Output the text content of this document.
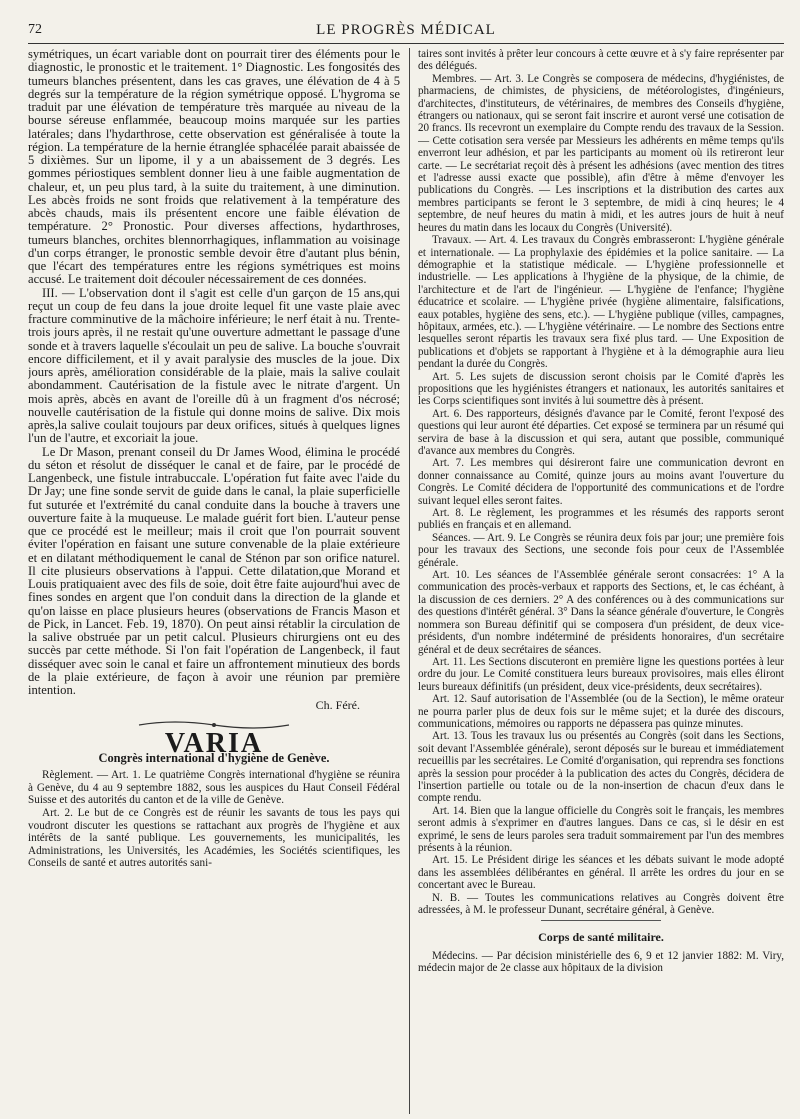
72	LE PROGRÈS MÉDICAL

symétriques, un écart variable dont on pourrait tirer des éléments pour le diagnostic, le pronostic et le traitement. 1° Diagnostic. Les fongosités des tumeurs blanches présentent, dans les cas graves, une élévation de 4 à 5 degrés sur la température de la région symétrique opposé. L'hygroma se traduit par une élévation de température très marquée au niveau de la bourse séreuse enflammée, beaucoup moins marquée sur les parties latérales; dans l'hydarthrose, cette observation est généralisée à toute la région. La température de la hernie étranglée sphacélée parait abaissée de 5 dixièmes. Sur un lipome, il y a un abaissement de 3 degrés. Les gommes périostiques semblent donner lieu à une faible augmentation de chaleur, et, un peu plus tard, à la suite du traitement, à une diminution. Les abcès froids ne sont froids que relativement à la température des abcès chauds, mais ils présentent encore une faible élévation de température. 2° Pronostic. Pour diverses affections, hydarthroses, tumeurs blanches, orchites blennorrhagiques, inflammation au voisinage d'un corps étranger, le pronostic semble devoir être d'autant plus bénin, que l'écart des températures entre les régions symétriques est moins accusé. Le traitement doit découler nécessairement de ces données.

III. — L'observation dont il s'agit est celle d'un garçon de 15 ans,qui reçut un coup de feu dans la joue droite lequel fit une vaste plaie avec fracture comminutive de la mâchoire inférieure; le nerf était à nu. Trente-trois jours après, il ne restait qu'une ouverture admettant le passage d'une sonde et à travers laquelle s'écoulait un peu de salive. La bouche s'ouvrait encore difficilement, et il y avait paralysie des muscles de la joue. Dix jours après, amélioration considérable de la plaie, mais la salive coulait abondamment. Cautérisation de la fistule avec le nitrate d'argent. Un mois après, abcès en avant de l'oreille dû à un fragment d'os nécrosé; nouvelle cautérisation de la fistule qui donne moins de salive. Dix mois après,la salive coulait toujours par deux orifices, situés à quelques lignes l'un de l'autre, et excoriait la joue.

Le Dr Mason, prenant conseil du Dr James Wood, élimina le procédé du séton et résolut de disséquer le canal et de faire, par le procédé de Langenbeck, une fistule intrabuccale. L'opération fut faite avec l'aide du Dr Jay; une fine sonde servit de guide dans le canal, la plaie superficielle fut suturée et l'extrémité du canal conduite dans la bouche à travers une ouverture faite à la muqueuse. Le malade guérit fort bien. L'auteur pense que ce procédé est le meilleur; mais il croit que l'on pourrait souvent éviter l'opération en faisant une suture convenable de la plaie extérieure et en dilatant méthodiquement le canal de Sténon par son orifice naturel. Il cite plusieurs observations à l'appui. Cette dilatation,que Morand et Louis pratiquaient avec des fils de soie, doit être faite aujourd'hui avec de fines sondes en argent que l'on conduit dans la direction de la glande et qu'on laisse en place plusieurs heures (observations de Francis Mason et de Pick, in Lancet. Feb. 19, 1870). On peut ainsi rétablir la circulation de la salive obstruée par un petit calcul. Plusieurs chirurgiens ont eu des succès par cette méthode. Si l'on fait l'opération de Langenbeck, il faut disséquer avec soin le canal et faire un affrontement minutieux des bords de la plaie extérieure, de façon à avoir une réunion par première intention.

Ch. Féré.
VARIA
Congrès international d'hygiène de Genève.

Règlement. — Art. 1. Le quatrième Congrès international d'hygiène se réunira à Genève, du 4 au 9 septembre 1882, sous les auspices du Haut Conseil Fédéral Suisse et des autorités du canton et de la ville de Genève.

Art. 2. Le but de ce Congrès est de réunir les savants de tous les pays qui voudront discuter les questions se rattachant aux progrès de l'hygiène et aux intérêts de la santé publique. Les gouvernements, les municipalités, les Administrations, les Universités, les Académies, les Sociétés scientifiques, les Conseils de santé et autres autorités sani-

taires sont invités à prêter leur concours à cette œuvre et à s'y faire représenter par des délégués.

Membres. — Art. 3. Le Congrès se composera de médecins, d'hygiénistes, de pharmaciens, de chimistes, de physiciens, de météorologistes, d'ingénieurs, d'architectes, d'instituteurs, de vétérinaires, de membres des Conseils d'hygiène, étrangers ou nationaux, qui se seront fait inscrire et auront versé une cotisation de 20 francs. Ils recevront un exemplaire du Compte rendu des travaux de la Session. — Cette cotisation sera versée par Messieurs les adhérents en même temps qu'ils enverront leur adhésion, et par les participants au moment où ils retireront leur carte. — Le secrétariat reçoit dès à présent les adhésions (avec mention des titres et l'adresse aussi exacte que possible), afin d'être à même d'envoyer les publications du Congrès. — Les inscriptions et la distribution des cartes aux membres participants se feront le 3 septembre, de midi à cinq heures; le 4 septembre, de neuf heures du matin à midi, et les autres jours de huit à neuf heures du matin dans les locaux du Congrès (Université).

Travaux. — Art. 4. Les travaux du Congrès embrasseront: L'hygiène générale et internationale. — La prophylaxie des épidémies et la police sanitaire. — La démographie et la statistique médicale. — L'hygiène professionnelle et industrielle. — Les applications à l'hygiène de la physique, de la chimie, de l'architecture et de l'art de l'ingénieur. — L'hygiène de l'enfance; l'hygiène éducatrice et scolaire. — L'hygiène privée (hygiène alimentaire, falsifications, eaux potables, hygiène des sens, etc.). — L'hygiène publique (villes, campagnes, hôpitaux, armées, etc.). — L'hygiène vétérinaire. — Le nombre des Sections entre lesquelles seront répartis les travaux sera fixé plus tard. — Une Exposition de publications et d'objets se rapportant à l'hygiène et à la démographie aura lieu pendant la durée du Congrès.

Art. 5. Les sujets de discussion seront choisis par le Comité d'après les propositions que les hygiénistes étrangers et nationaux, les autorités sanitaires et les Corps scientifiques sont invités à lui soumettre dès à présent.

Art. 6. Des rapporteurs, désignés d'avance par le Comité, feront l'exposé des questions qui leur auront été départies. Cet exposé se terminera par un résumé qui servira de base à la discussion et qui sera, autant que possible, communiqué d'avance aux membres du Congrès.

Art. 7. Les membres qui désireront faire une communication devront en donner connaissance au Comité, quinze jours au moins avant l'ouverture du Congrès. Le Comité décidera de l'opportunité des communications et de l'ordre suivant lequel elles seront faites.

Art. 8. Le règlement, les programmes et les résumés des rapports seront publiés en français et en allemand.

Séances. — Art. 9. Le Congrès se réunira deux fois par jour; une première fois pour les travaux des Sections, une seconde fois pour ceux de l'Assemblée générale.

Art. 10. Les séances de l'Assemblée générale seront consacrées: 1° A la communication des procès-verbaux et rapports des Sections, et, le cas échéant, à la discussion de ces derniers. 2° A des conférences ou à des communications sur des questions d'intérêt général. 3° Dans la séance générale d'ouverture, le Congrès nommera son Bureau définitif qui se composera d'un président, de deux vice-présidents, d'un nombre indéterminé de présidents honoraires, d'un secrétaire général et de deux secrétaires de séances.

Art. 11. Les Sections discuteront en première ligne les questions portées à leur ordre du jour. Le Comité constituera leurs bureaux provisoires, mais elles éliront leurs bureaux définitifs (un président, deux vice-présidents, deux secrétaires).

Art. 12. Sauf autorisation de l'Assemblée (ou de la Section), le même orateur ne pourra parler plus de deux fois sur le même sujet; et la durée des discours, communications, mémoires ou rapports ne dépassera pas quinze minutes.

Art. 13. Tous les travaux lus ou présentés au Congrès (soit dans les Sections, soit devant l'Assemblée générale), seront déposés sur le bureau et immédiatement recueillis par les secrétaires. Le Comité d'organisation, qui reprendra ses fonctions après la session pour procéder à la publication des actes du Congrès, décidera de l'insertion partielle ou totale ou de la non-insertion de chacun d'eux dans le compte rendu.

Art. 14. Bien que la langue officielle du Congrès soit le français, les membres seront admis à s'exprimer en d'autres langues. Dans ce cas, si le désir en est exprimé, le sens de leurs paroles sera traduit sommairement par l'un des membres présents à la réunion.

Art. 15. Le Président dirige les séances et les débats suivant le mode adopté dans les assemblées délibérantes en général. Il arrête les ordres du jour en se concertant avec le Bureau.

N. B. — Toutes les communications relatives au Congrès doivent être adressées, à M. le professeur Dunant, secrétaire général, à Genève.

Corps de santé militaire.

Médecins. — Par décision ministérielle des 6, 9 et 12 janvier 1882: M. Viry, médecin major de 2e classe aux hôpitaux de la division
